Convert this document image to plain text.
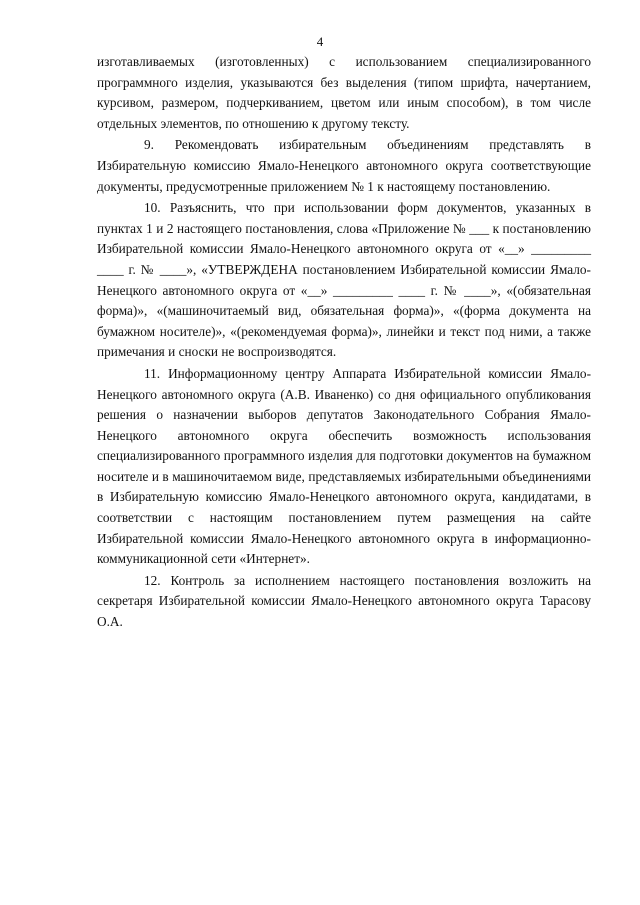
4

изготавливаемых (изготовленных) с использованием специализированного программного изделия, указываются без выделения (типом шрифта, начертанием, курсивом, размером, подчеркиванием, цветом или иным способом), в том числе отдельных элементов, по отношению к другому тексту.

9. Рекомендовать избирательным объединениям представлять в Избирательную комиссию Ямало-Ненецкого автономного округа соответствующие документы, предусмотренные приложением № 1 к настоящему постановлению.

10. Разъяснить, что при использовании форм документов, указанных в пунктах 1 и 2 настоящего постановления, слова «Приложение № ___ к постановлению Избирательной комиссии Ямало-Ненецкого автономного округа от «__» _________ ____ г. № ____», «УТВЕРЖДЕНА постановлением Избирательной комиссии Ямало-Ненецкого автономного округа от «__» _________ ____ г. № ____», «(обязательная форма)», «(машиночитаемый вид, обязательная форма)», «(форма документа на бумажном носителе)», «(рекомендуемая форма)», линейки и текст под ними, а также примечания и сноски не воспроизводятся.

11. Информационному центру Аппарата Избирательной комиссии Ямало-Ненецкого автономного округа (А.В. Иваненко) со дня официального опубликования решения о назначении выборов депутатов Законодательного Собрания Ямало-Ненецкого автономного округа обеспечить возможность использования специализированного программного изделия для подготовки документов на бумажном носителе и в машиночитаемом виде, представляемых избирательными объединениями в Избирательную комиссию Ямало-Ненецкого автономного округа, кандидатами, в соответствии с настоящим постановлением путем размещения на сайте Избирательной комиссии Ямало-Ненецкого автономного округа в информационно-коммуникационной сети «Интернет».

12. Контроль за исполнением настоящего постановления возложить на секретаря Избирательной комиссии Ямало-Ненецкого автономного округа Тарасову О.А.
